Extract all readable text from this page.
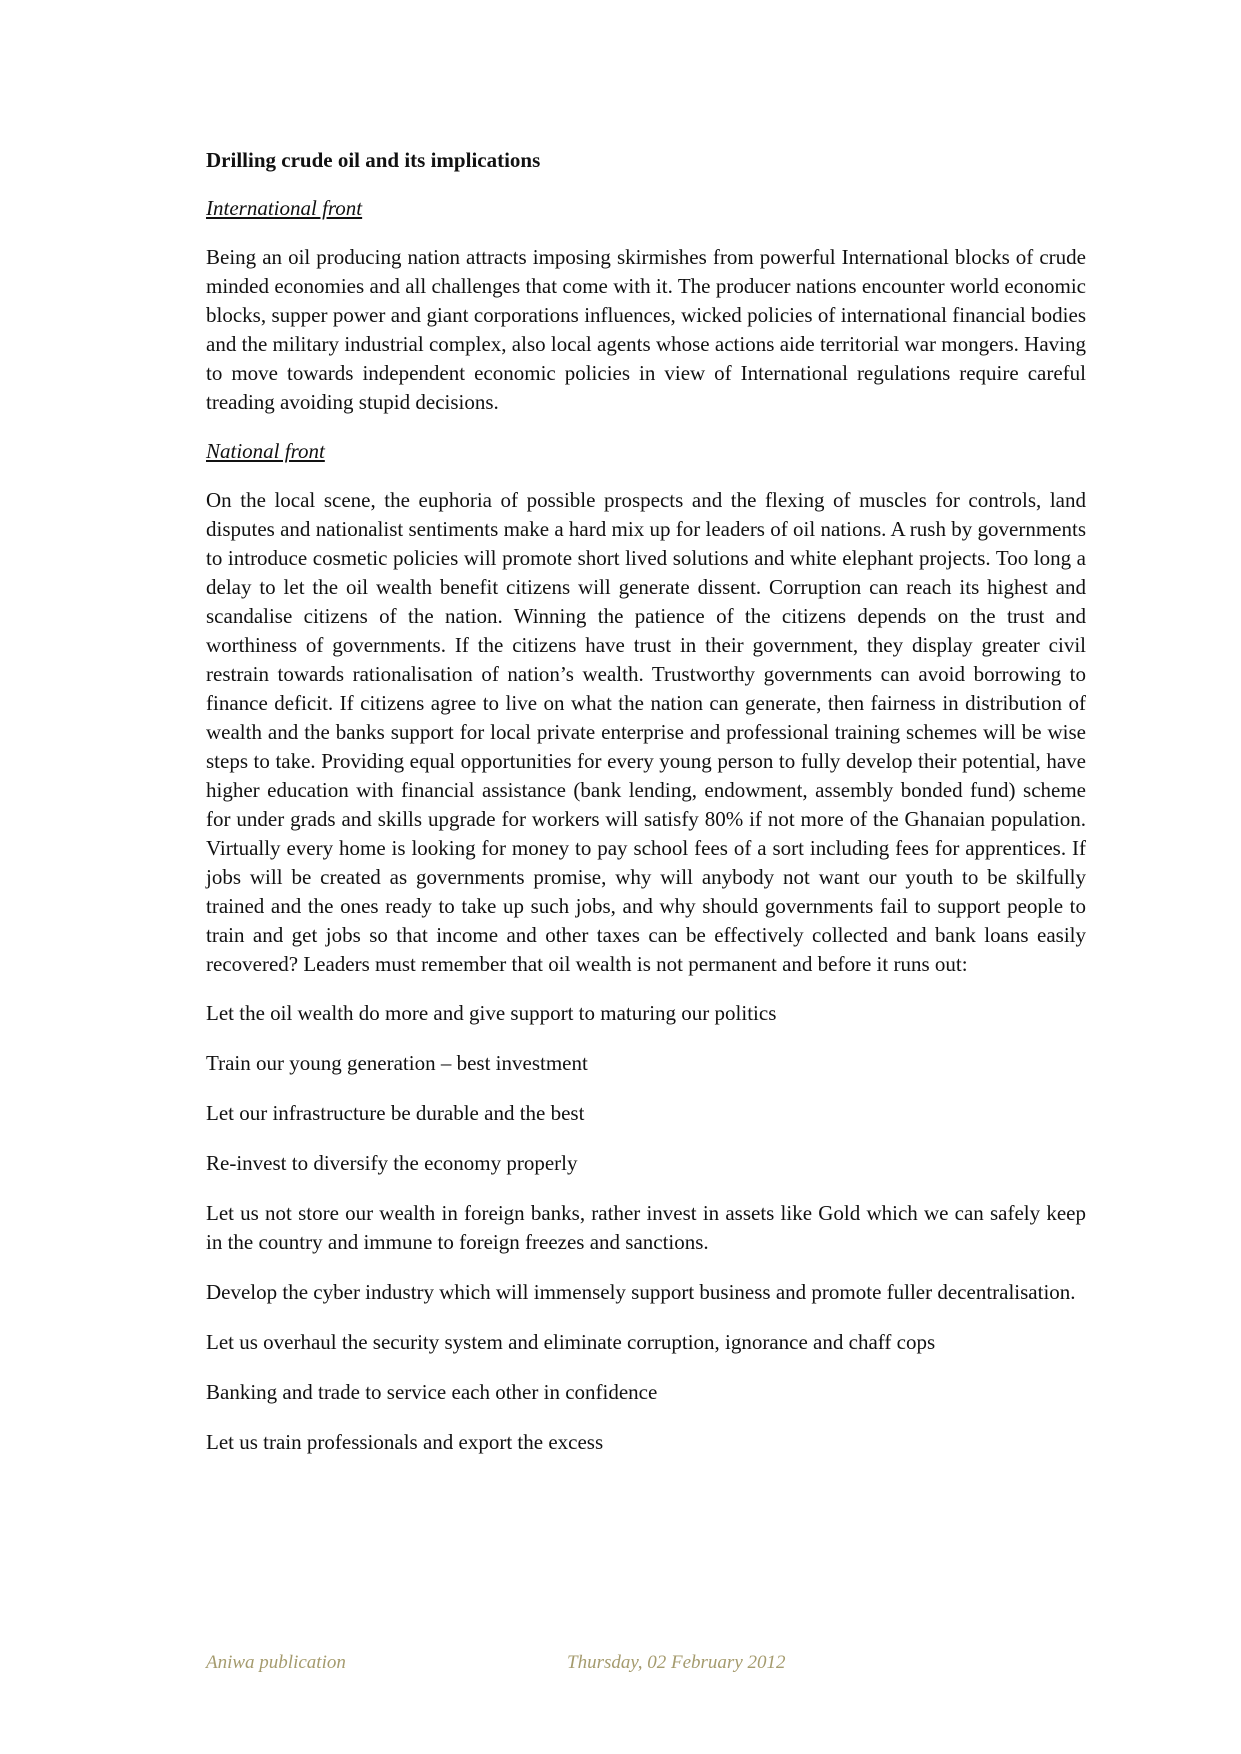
Drilling crude oil and its implications
International front
Being an oil producing nation attracts imposing skirmishes from powerful International blocks of crude minded economies and all challenges that come with it. The producer nations encounter world economic blocks, supper power and giant corporations influences, wicked policies of international financial bodies and the military industrial complex, also local agents whose actions aide territorial war mongers. Having to move towards independent economic policies in view of International regulations require careful treading avoiding stupid decisions.
National front
On the local scene, the euphoria of possible prospects and the flexing of muscles for controls, land disputes and nationalist sentiments make a hard mix up for leaders of oil nations. A rush by governments to introduce cosmetic policies will promote short lived solutions and white elephant projects. Too long a delay to let the oil wealth benefit citizens will generate dissent. Corruption can reach its highest and scandalise citizens of the nation. Winning the patience of the citizens depends on the trust and worthiness of governments. If the citizens have trust in their government, they display greater civil restrain towards rationalisation of nation’s wealth. Trustworthy governments can avoid borrowing to finance deficit. If citizens agree to live on what the nation can generate, then fairness in distribution of wealth and the banks support for local private enterprise and professional training schemes will be wise steps to take. Providing equal opportunities for every young person to fully develop their potential, have higher education with financial assistance (bank lending, endowment, assembly bonded fund) scheme for under grads and skills upgrade for workers will satisfy 80% if not more of the Ghanaian population. Virtually every home is looking for money to pay school fees of a sort including fees for apprentices. If jobs will be created as governments promise, why will anybody not want our youth to be skilfully trained and the ones ready to take up such jobs, and why should governments fail to support people to train and get jobs so that income and other taxes can be effectively collected and bank loans easily recovered? Leaders must remember that oil wealth is not permanent and before it runs out:
Let the oil wealth do more and give support to maturing our politics
Train our young generation – best investment
Let our infrastructure be durable and the best
Re-invest to diversify the economy properly
Let us not store our wealth in foreign banks, rather invest in assets like Gold which we can safely keep in the country and immune to foreign freezes and sanctions.
Develop the cyber industry which will immensely support business and promote fuller decentralisation.
Let us overhaul the security system and eliminate corruption, ignorance and chaff cops
Banking and trade to service each other in confidence
Let us train professionals and export the excess
Aniwa publication	Thursday, 02 February 2012
